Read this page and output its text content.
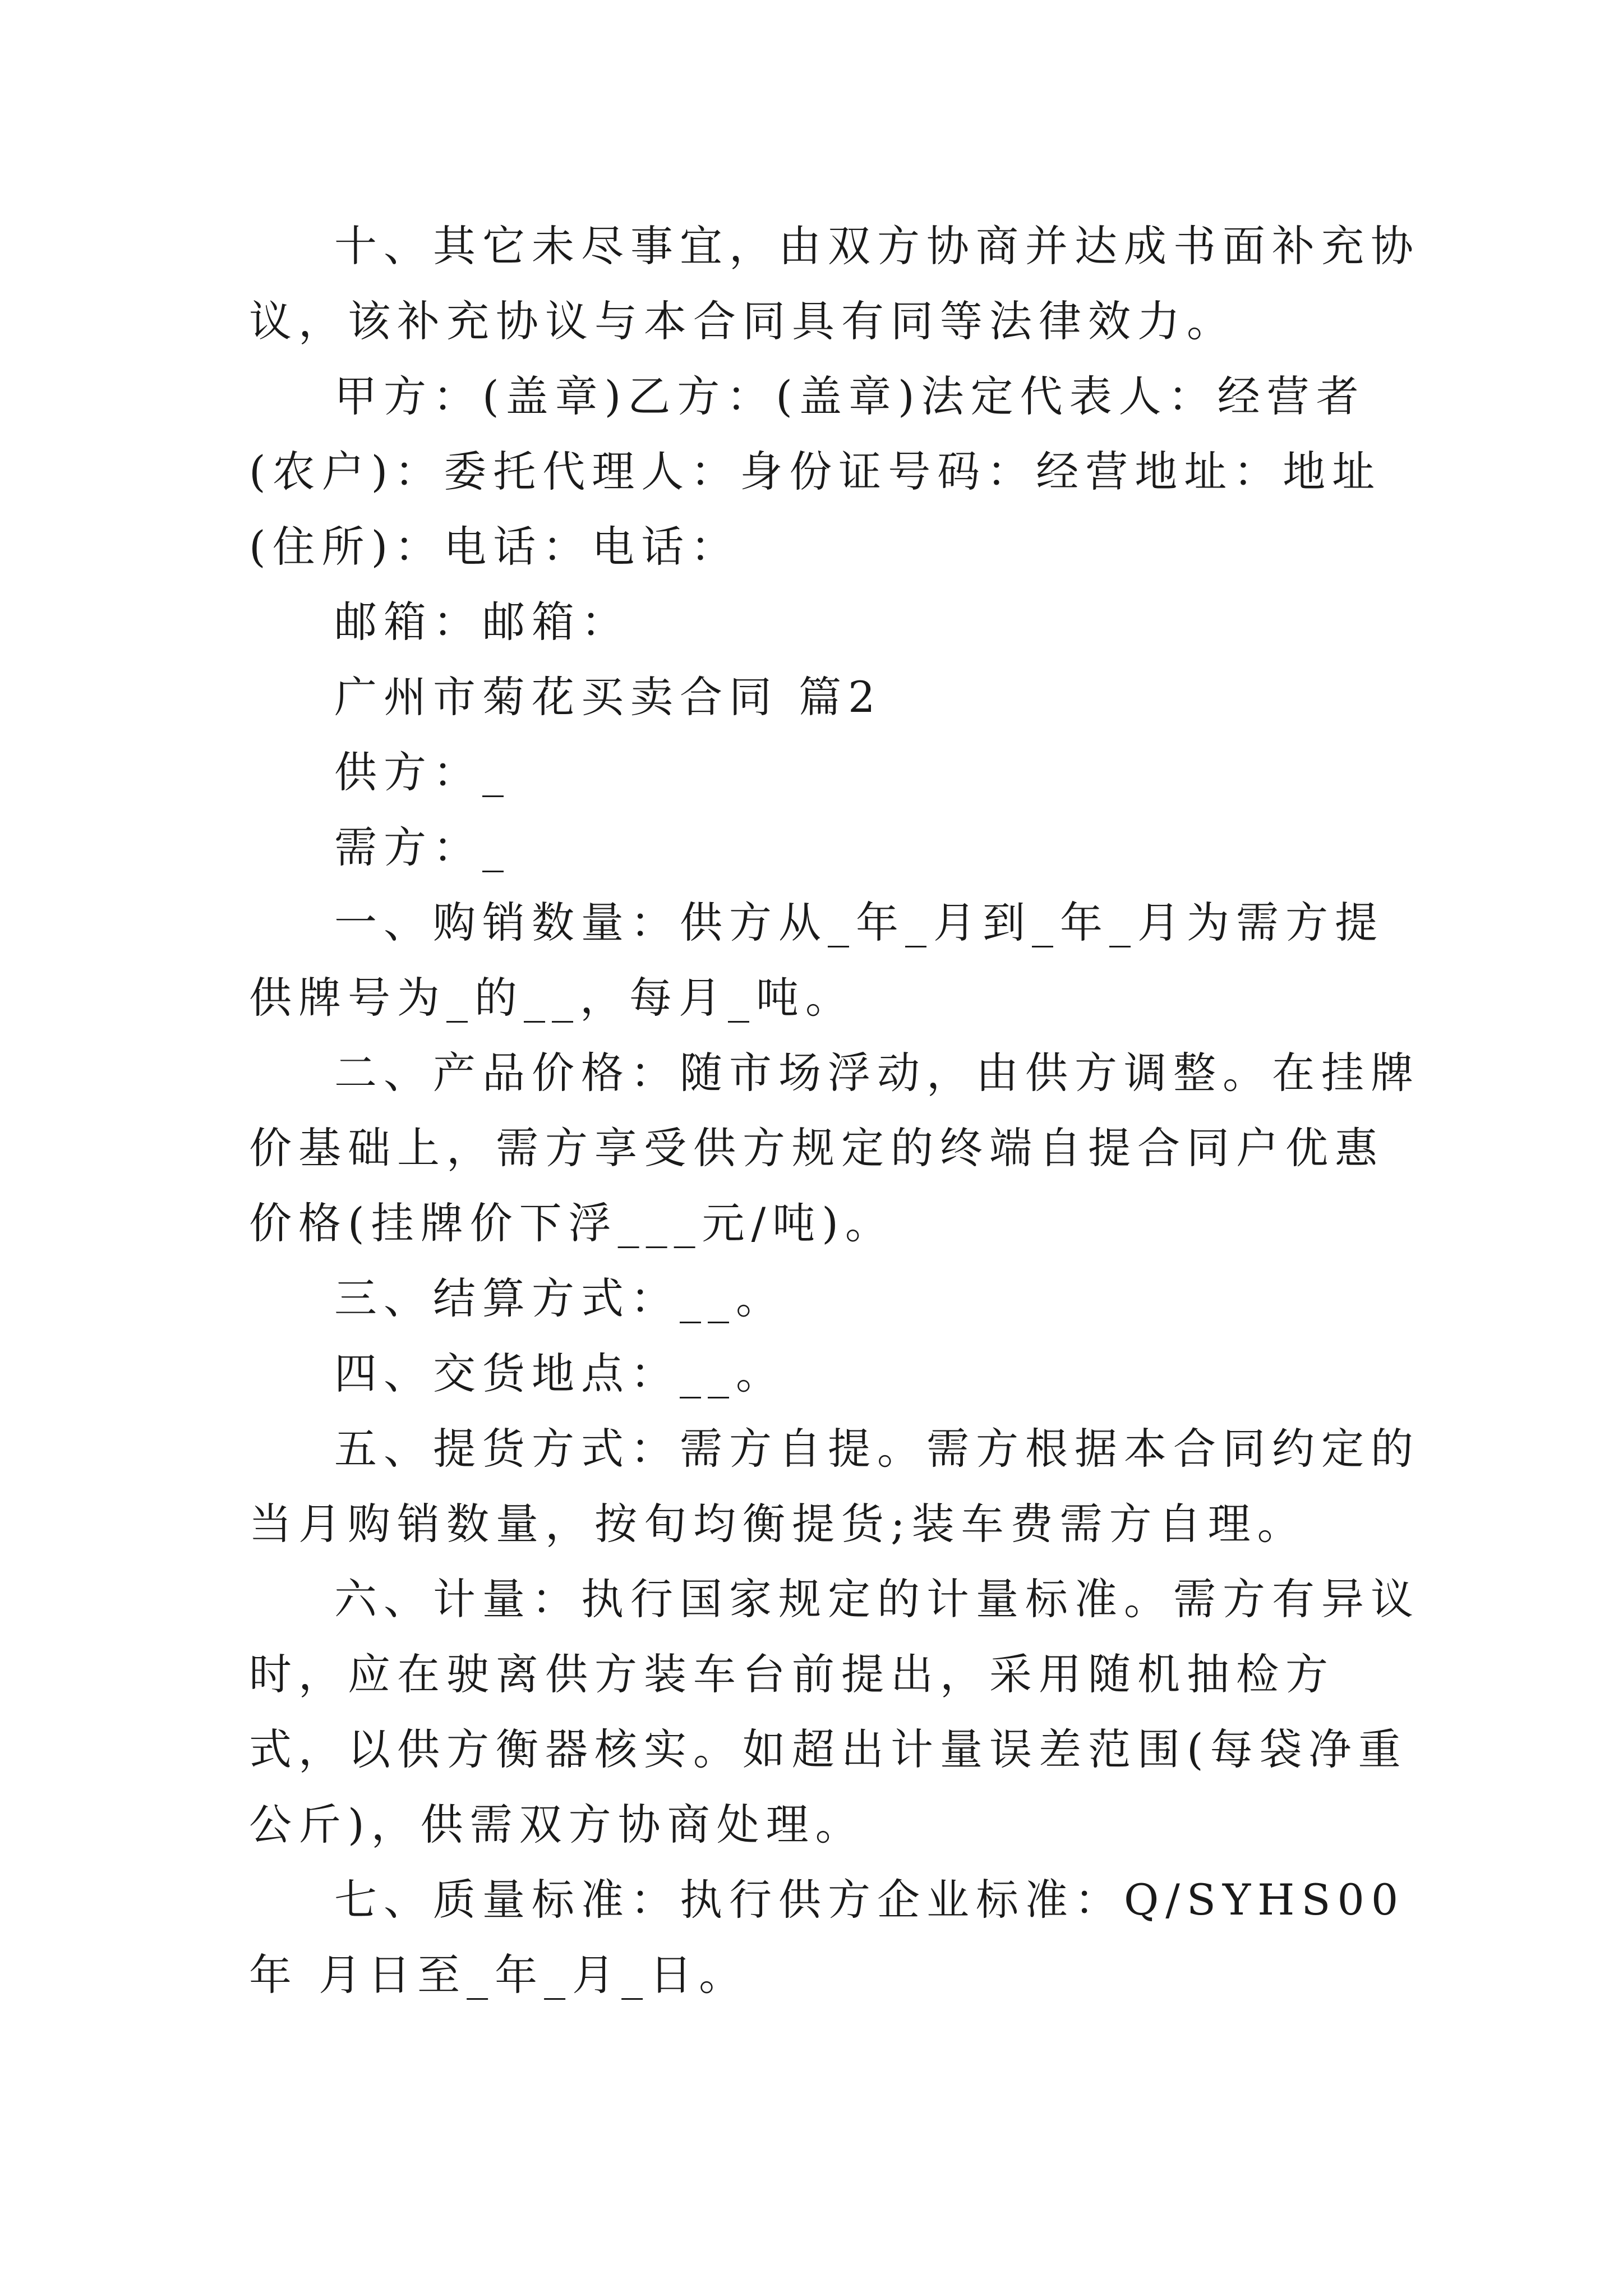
十、其它未尽事宜，由双方协商并达成书面补充协议，该补充协议与本合同具有同等法律效力。

甲方：(盖章)乙方：(盖章)法定代表人：经营者(农户)：委托代理人：身份证号码：经营地址：地址(住所)：电话：电话：

邮箱：邮箱：

广州市菊花买卖合同 篇2

供方：_

需方：_

一、购销数量：供方从_年_月到_年_月为需方提供牌号为_的__，每月_吨。

二、产品价格：随市场浮动，由供方调整。在挂牌价基础上，需方享受供方规定的终端自提合同户优惠价格(挂牌价下浮___元/吨)。

三、结算方式：__。

四、交货地点：__。

五、提货方式：需方自提。需方根据本合同约定的当月购销数量，按旬均衡提货;装车费需方自理。

六、计量：执行国家规定的计量标准。需方有异议时，应在驶离供方装车台前提出，采用随机抽检方式，以供方衡器核实。如超出计量误差范围(每袋净重公斤)，供需双方协商处理。

七、质量标准：执行供方企业标准：Q/SYHS00 年 月日至_年_月_日。
